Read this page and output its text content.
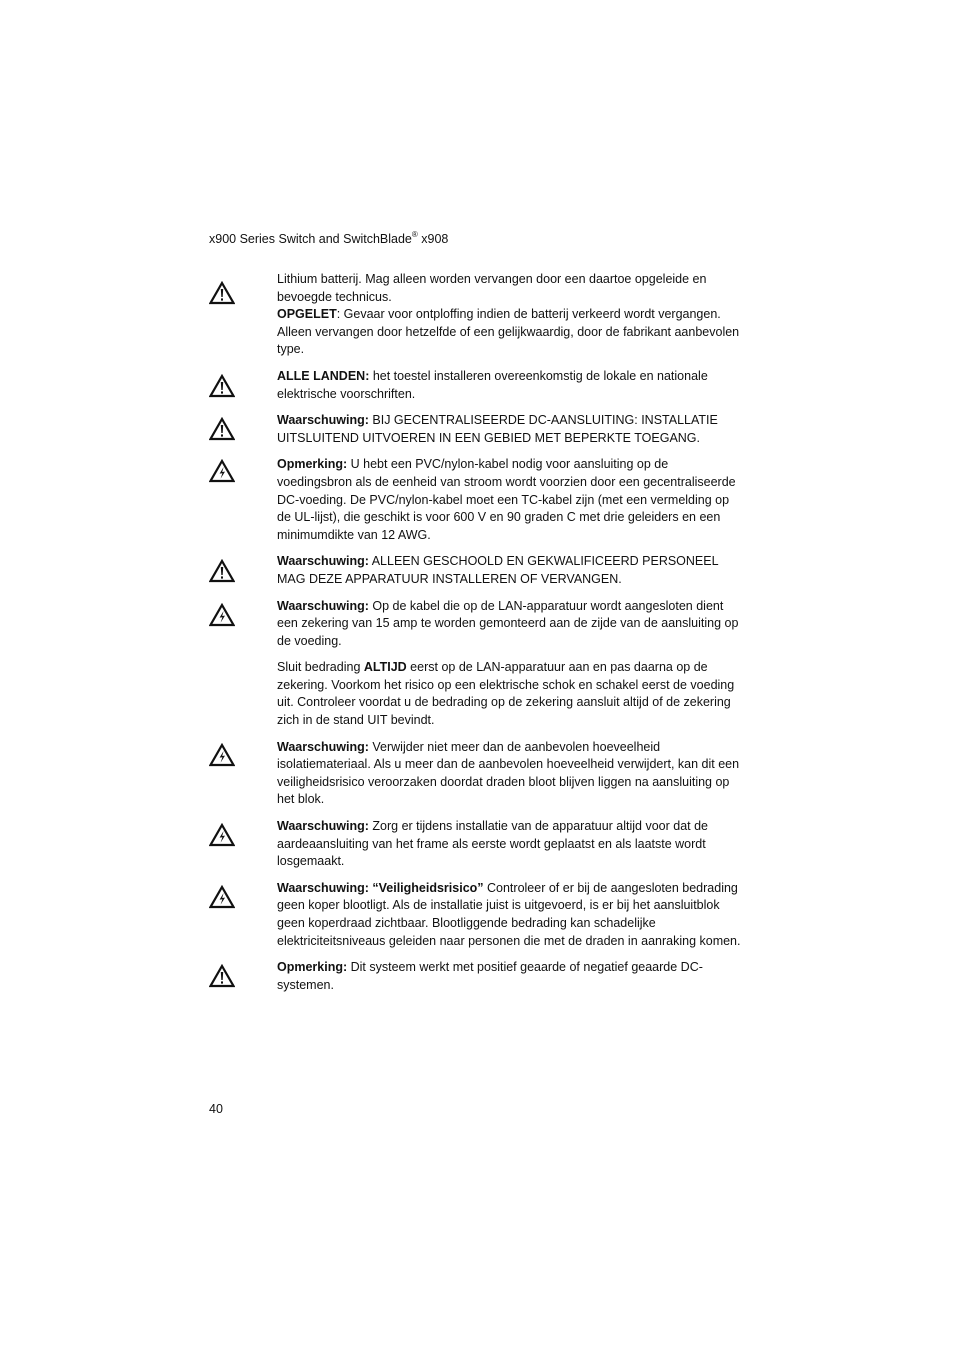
x900 Series Switch and SwitchBlade® x908

Lithium batterij. Mag alleen worden vervangen door een daartoe opgeleide en bevoegde technicus.

OPGELET: Gevaar voor ontploffing indien de batterij verkeerd wordt vergangen. Alleen vervangen door hetzelfde of een gelijkwaardig, door de fabrikant aanbevolen type.

ALLE LANDEN: het toestel installeren overeenkomstig de lokale en nationale elektrische voorschriften.

Waarschuwing: BIJ GECENTRALISEERDE DC-AANSLUITING: INSTALLATIE UITSLUITEND UITVOEREN IN EEN GEBIED MET BEPERKTE TOEGANG.

Opmerking: U hebt een PVC/nylon-kabel nodig voor aansluiting op de voedingsbron als de eenheid van stroom wordt voorzien door een gecentraliseerde DC-voeding. De PVC/nylon-kabel moet een TC-kabel zijn (met een vermelding op de UL-lijst), die geschikt is voor 600 V en 90 graden C met drie geleiders en een minimumdikte van 12 AWG.

Waarschuwing: ALLEEN GESCHOOLD EN GEKWALIFICEERD PERSONEEL MAG DEZE APPARATUUR INSTALLEREN OF VERVANGEN.

Waarschuwing: Op de kabel die op de LAN-apparatuur wordt aangesloten dient een zekering van 15 amp te worden gemonteerd aan de zijde van de aansluiting op de voeding.

Sluit bedrading ALTIJD eerst op de LAN-apparatuur aan en pas daarna op de zekering. Voorkom het risico op een elektrische schok en schakel eerst de voeding uit. Controleer voordat u de bedrading op de zekering aansluit altijd of de zekering zich in de stand UIT bevindt.

Waarschuwing: Verwijder niet meer dan de aanbevolen hoeveelheid isolatiemateriaal. Als u meer dan de aanbevolen hoeveelheid verwijdert, kan dit een veiligheidsrisico veroorzaken doordat draden bloot blijven liggen na aansluiting op het blok.

Waarschuwing: Zorg er tijdens installatie van de apparatuur altijd voor dat de aardeaansluiting van het frame als eerste wordt geplaatst en als laatste wordt losgemaakt.

Waarschuwing: “Veiligheidsrisico” Controleer of er bij de aangesloten bedrading geen koper blootligt. Als de installatie juist is uitgevoerd, is er bij het aansluitblok geen koperdraad zichtbaar. Blootliggende bedrading kan schadelijke elektriciteitsniveaus geleiden naar personen die met de draden in aanraking komen.

Opmerking: Dit systeem werkt met positief geaarde of negatief geaarde DC-systemen.

40
